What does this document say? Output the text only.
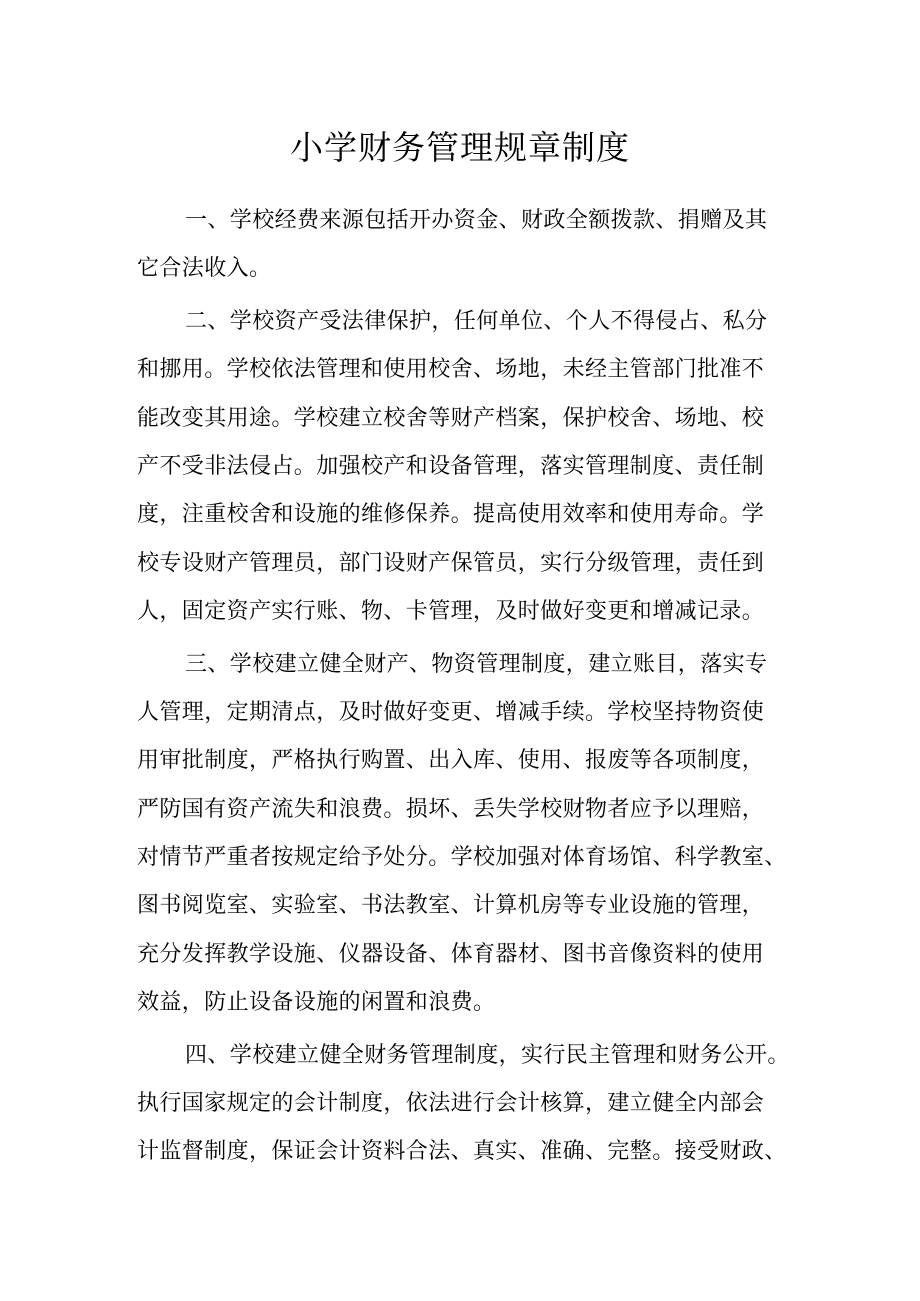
小学财务管理规章制度
一、学校经费来源包括开办资金、财政全额拨款、捐赠及其
它合法收入。
二、学校资产受法律保护，任何单位、个人不得侵占、私分
和挪用。学校依法管理和使用校舍、场地，未经主管部门批准不
能改变其用途。学校建立校舍等财产档案，保护校舍、场地、校
产不受非法侵占。加强校产和设备管理，落实管理制度、责任制
度，注重校舍和设施的维修保养。提高使用效率和使用寿命。学
校专设财产管理员，部门设财产保管员，实行分级管理，责任到
人，固定资产实行账、物、卡管理，及时做好变更和增减记录。
三、学校建立健全财产、物资管理制度，建立账目，落实专
人管理，定期清点，及时做好变更、增减手续。学校坚持物资使
用审批制度，严格执行购置、出入库、使用、报废等各项制度，
严防国有资产流失和浪费。损坏、丢失学校财物者应予以理赔，
对情节严重者按规定给予处分。学校加强对体育场馆、科学教室、
图书阅览室、实验室、书法教室、计算机房等专业设施的管理，
充分发挥教学设施、仪器设备、体育器材、图书音像资料的使用
效益，防止设备设施的闲置和浪费。
四、学校建立健全财务管理制度，实行民主管理和财务公开。
执行国家规定的会计制度，依法进行会计核算，建立健全内部会
计监督制度，保证会计资料合法、真实、准确、完整。接受财政、
